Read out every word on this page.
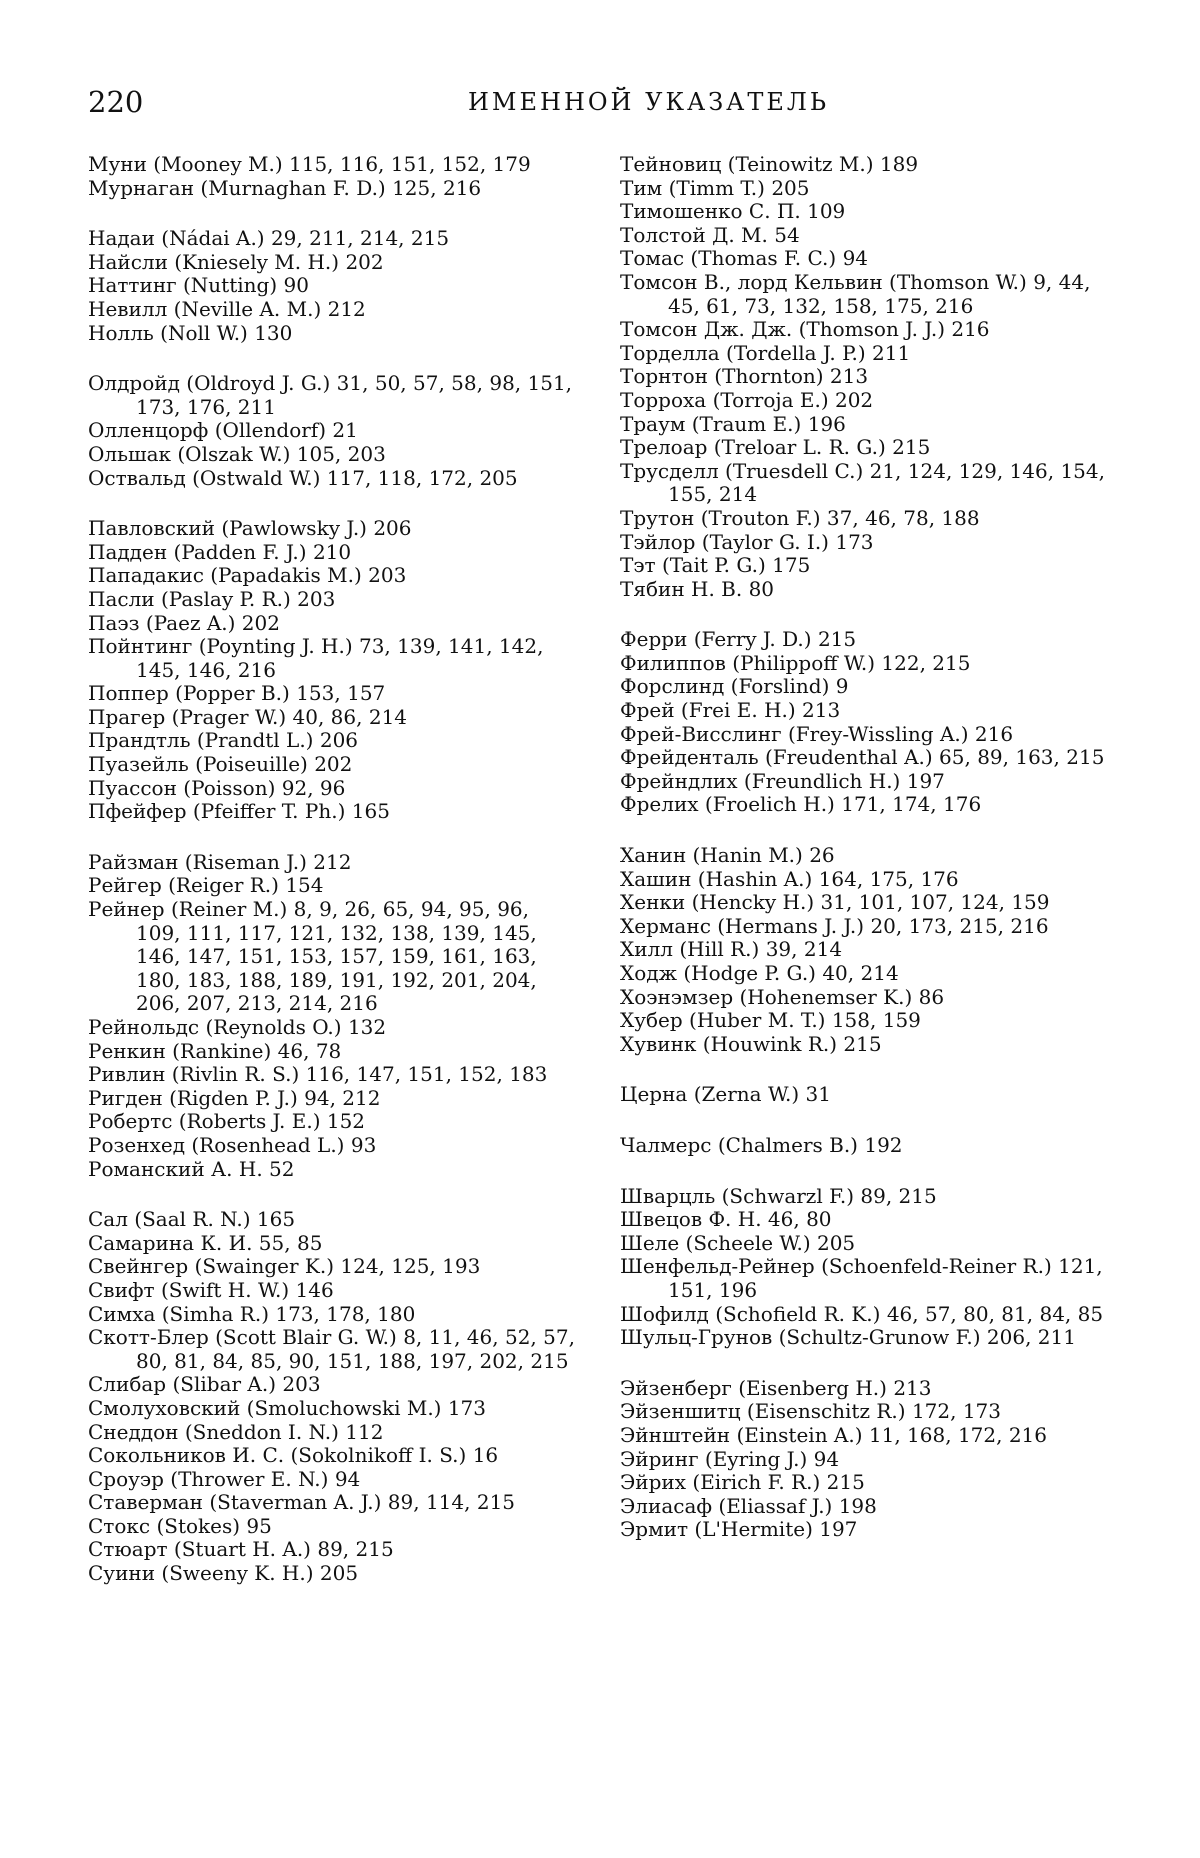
220	ИМЕННОЙ УКАЗАТЕЛЬ
Муни (Mooney M.) 115, 116, 151, 152, 179
Мурнаган (Murnaghan F. D.) 125, 216
Надаи (Nádai A.) 29, 211, 214, 215
Найсли (Kniesely M. H.) 202
Наттинг (Nutting) 90
Невилл (Neville A. M.) 212
Нолль (Noll W.) 130
Олдройд (Oldroyd J. G.) 31, 50, 57, 58, 98, 151, 173, 176, 211
Олленцорф (Ollendorf) 21
Ольшак (Olszak W.) 105, 203
Оствальд (Ostwald W.) 117, 118, 172, 205
Павловский (Pawlowsky J.) 206
Падден (Padden F. J.) 210
Пападакис (Papadakis M.) 203
Пасли (Paslay P. R.) 203
Паэз (Paez A.) 202
Пойнтинг (Poynting J. H.) 73, 139, 141, 142, 145, 146, 216
Поппер (Popper B.) 153, 157
Прагер (Prager W.) 40, 86, 214
Прандтль (Prandtl L.) 206
Пуазейль (Poiseuille) 202
Пуассон (Poisson) 92, 96
Пфейфер (Pfeiffer T. Ph.) 165
Райзман (Riseman J.) 212
Рейгер (Reiger R.) 154
Рейнер (Reiner M.) 8, 9, 26, 65, 94, 95, 96, 109, 111, 117, 121, 132, 138, 139, 145, 146, 147, 151, 153, 157, 159, 161, 163, 180, 183, 188, 189, 191, 192, 201, 204, 206, 207, 213, 214, 216
Рейнольдс (Reynolds O.) 132
Ренкин (Rankine) 46, 78
Ривлин (Rivlin R. S.) 116, 147, 151, 152, 183
Ригден (Rigden P. J.) 94, 212
Робертс (Roberts J. E.) 152
Розенхед (Rosenhead L.) 93
Романский А. Н. 52
Сал (Saal R. N.) 165
Самарина К. И. 55, 85
Свейнгер (Swainger K.) 124, 125, 193
Свифт (Swift H. W.) 146
Симха (Simha R.) 173, 178, 180
Скотт-Блер (Scott Blair G. W.) 8, 11, 46, 52, 57, 80, 81, 84, 85, 90, 151, 188, 197, 202, 215
Слибар (Slibar A.) 203
Смолуховский (Smoluchowski M.) 173
Снеддон (Sneddon I. N.) 112
Сокольников И. С. (Sokolnikoff I. S.) 16
Сроуэр (Thrower E. N.) 94
Ставерман (Staverman A. J.) 89, 114, 215
Стокс (Stokes) 95
Стюарт (Stuart H. A.) 89, 215
Суини (Sweeny K. H.) 205
Тейновиц (Teinowitz M.) 189
Тим (Timm T.) 205
Тимошенко С. П. 109
Толстой Д. М. 54
Томас (Thomas F. C.) 94
Томсон В., лорд Кельвин (Thomson W.) 9, 44, 45, 61, 73, 132, 158, 175, 216
Томсон Дж. Дж. (Thomson J. J.) 216
Торделла (Tordella J. P.) 211
Торнтон (Thornton) 213
Торроха (Torroja E.) 202
Траум (Traum E.) 196
Трелоар (Treloar L. R. G.) 215
Трусделл (Truesdell C.) 21, 124, 129, 146, 154, 155, 214
Трутон (Trouton F.) 37, 46, 78, 188
Тэйлор (Taylor G. I.) 173
Тэт (Tait P. G.) 175
Тябин Н. В. 80
Ферри (Ferry J. D.) 215
Филиппов (Philippoff W.) 122, 215
Форслинд (Forslind) 9
Фрей (Frei E. H.) 213
Фрей-Висслинг (Frey-Wissling A.) 216
Фрейденталь (Freudenthal A.) 65, 89, 163, 215
Фрейндлих (Freundlich H.) 197
Фрелих (Froelich H.) 171, 174, 176
Ханин (Hanin M.) 26
Хашин (Hashin A.) 164, 175, 176
Хенки (Hencky H.) 31, 101, 107, 124, 159
Херманс (Hermans J. J.) 20, 173, 215, 216
Хилл (Hill R.) 39, 214
Ходж (Hodge P. G.) 40, 214
Хоэнэмзер (Hohenemser K.) 86
Хубер (Huber M. T.) 158, 159
Хувинк (Houwink R.) 215
Церна (Zerna W.) 31
Чалмерс (Chalmers B.) 192
Шварцль (Schwarzl F.) 89, 215
Швецов Ф. Н. 46, 80
Шеле (Scheele W.) 205
Шенфельд-Рейнер (Schoenfeld-Reiner R.) 121, 151, 196
Шофилд (Schofield R. K.) 46, 57, 80, 81, 84, 85
Шульц-Грунов (Schultz-Grunow F.) 206, 211
Эйзенберг (Eisenberg H.) 213
Эйзеншитц (Eisenschitz R.) 172, 173
Эйнштейн (Einstein A.) 11, 168, 172, 216
Эйринг (Eyring J.) 94
Эйрих (Eirich F. R.) 215
Элиасаф (Eliassaf J.) 198
Эрмит (L'Hermite) 197
